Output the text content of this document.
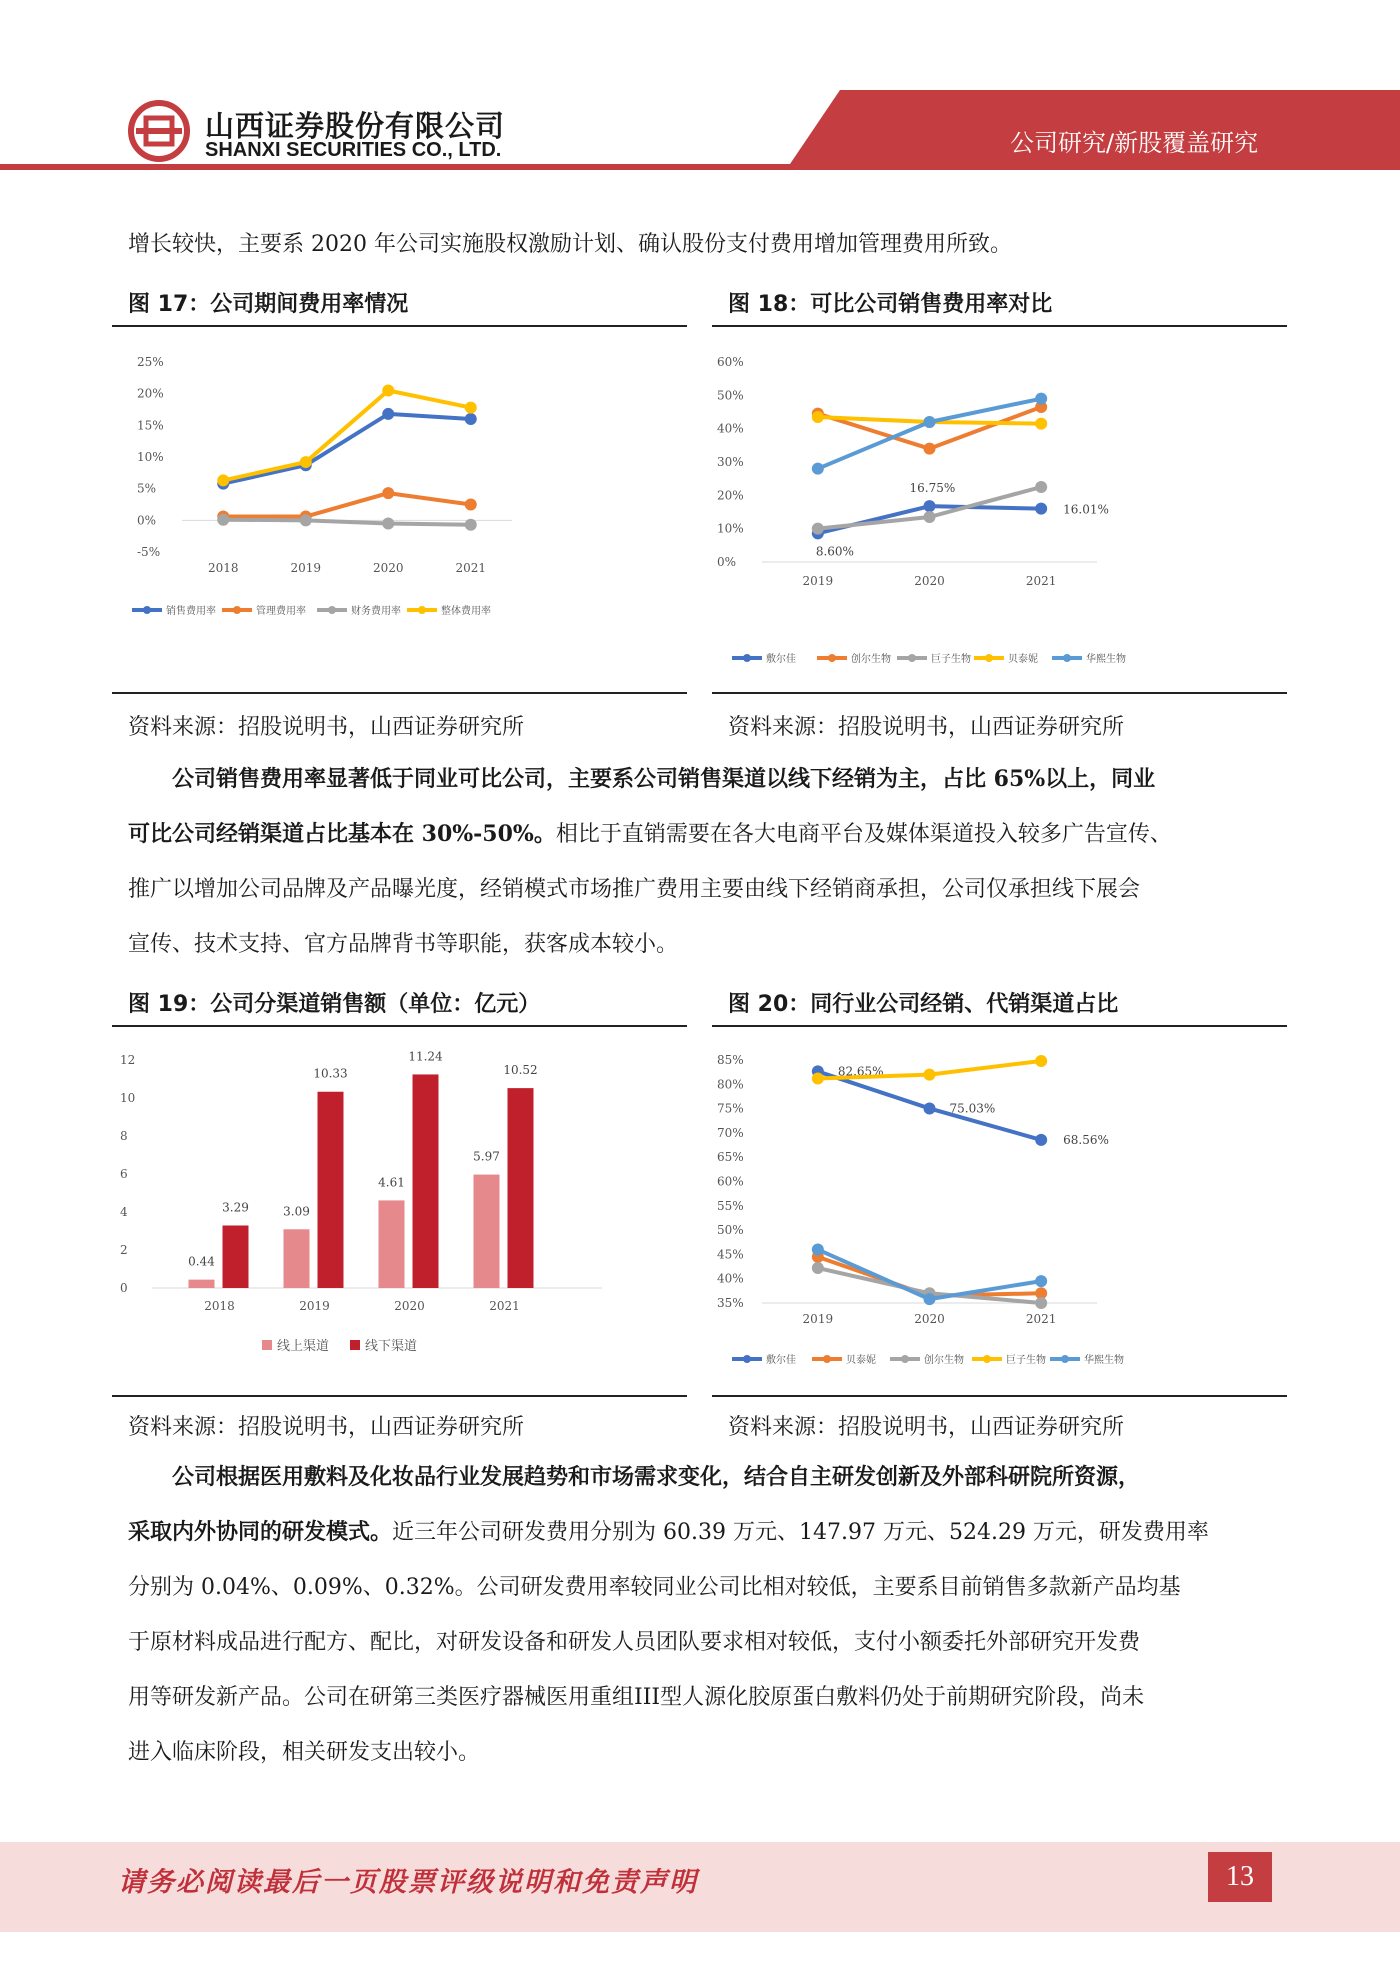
山西证券股份有限公司
SHANXI SECURITIES CO., LTD.	公司研究/新股覆盖研究
增长较快，主要系 2020 年公司实施股权激励计划、确认股份支付费用增加管理费用所致。
图 17：公司期间费用率情况	图 18：可比公司销售费用率对比
25%
20%
15%
10%
5%
0%
-5%
2018	2019	2020	2021
销售费用率	管理费用率	财务费用率	整体费用率
60%
50%
40%
30%
20%
10%
0%
2019	2020	2021
8.60%
16.75%
16.01%
敷尔佳	创尔生物	巨子生物	贝泰妮	华熙生物
资料来源：招股说明书，山西证券研究所	资料来源：招股说明书，山西证券研究所
公司销售费用率显著低于同业可比公司，主要系公司销售渠道以线下经销为主，占比 65%以上，同业
可比公司经销渠道占比基本在 30%-50%。相比于直销需要在各大电商平台及媒体渠道投入较多广告宣传、
推广以增加公司品牌及产品曝光度，经销模式市场推广费用主要由线下经销商承担，公司仅承担线下展会
宣传、技术支持、官方品牌背书等职能，获客成本较小。
图 19：公司分渠道销售额（单位：亿元）	图 20：同行业公司经销、代销渠道占比
12
10
8
6
4
2
0
2018
0.44
3.29
2019
3.09
10.33
2020
4.61
11.24
2021
5.97
10.52
线上渠道	线下渠道
85%
80%
75%
70%
65%
60%
55%
50%
45%
40%
35%
2019	2020	2021
82.65%
75.03%
68.56%
敷尔佳	贝泰妮	创尔生物	巨子生物	华熙生物
资料来源：招股说明书，山西证券研究所	资料来源：招股说明书，山西证券研究所
公司根据医用敷料及化妆品行业发展趋势和市场需求变化，结合自主研发创新及外部科研院所资源，
采取内外协同的研发模式。近三年公司研发费用分别为 60.39 万元、147.97 万元、524.29 万元，研发费用率
分别为 0.04%、0.09%、0.32%。公司研发费用率较同业公司比相对较低，主要系目前销售多款新产品均基
于原材料成品进行配方、配比，对研发设备和研发人员团队要求相对较低，支付小额委托外部研究开发费
用等研发新产品。公司在研第三类医疗器械医用重组III型人源化胶原蛋白敷料仍处于前期研究阶段，尚未
进入临床阶段，相关研发支出较小。
请务必阅读最后一页股票评级说明和免责声明	13
